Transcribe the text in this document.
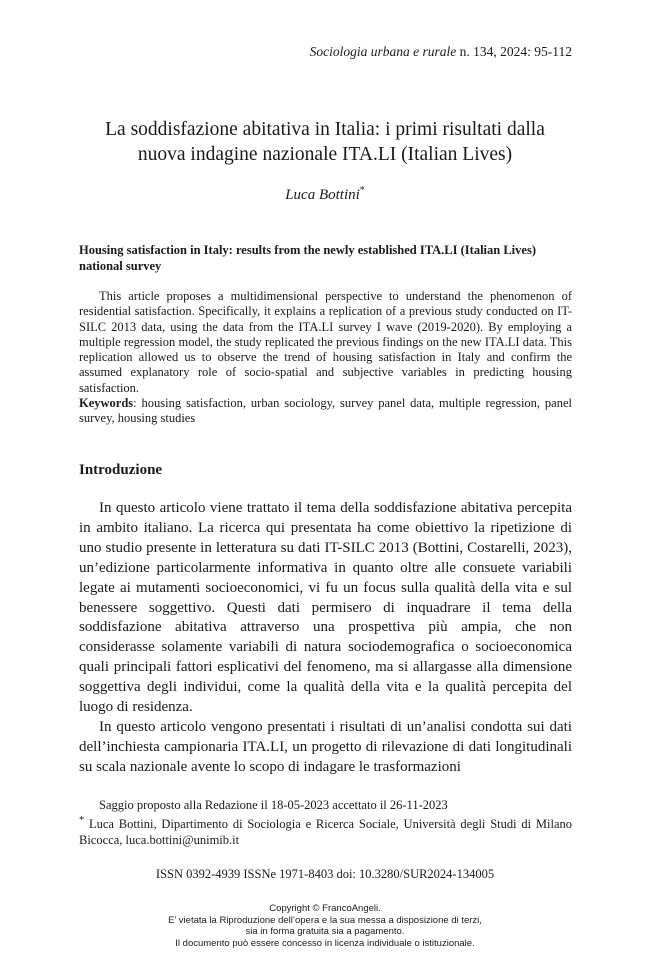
Sociologia urbana e rurale n. 134, 2024: 95-112
La soddisfazione abitativa in Italia: i primi risultati dalla
nuova indagine nazionale ITA.LI (Italian Lives)
Luca Bottini*
Housing satisfaction in Italy: results from the newly established ITA.LI (Italian Lives) national survey

This article proposes a multidimensional perspective to understand the phenomenon of residential satisfaction. Specifically, it explains a replication of a previous study conducted on IT-SILC 2013 data, using the data from the ITA.LI survey I wave (2019-2020). By employing a multiple regression model, the study replicated the previous findings on the new ITA.LI data. This replication allowed us to observe the trend of housing satisfaction in Italy and confirm the assumed explanatory role of socio-spatial and subjective variables in predicting housing satisfaction.

Keywords: housing satisfaction, urban sociology, survey panel data, multiple regression, panel survey, housing studies
Introduzione

In questo articolo viene trattato il tema della soddisfazione abitativa percepita in ambito italiano. La ricerca qui presentata ha come obiettivo la ripetizione di uno studio presente in letteratura su dati IT-SILC 2013 (Bottini, Costarelli, 2023), un’edizione particolarmente informativa in quanto oltre alle consuete variabili legate ai mutamenti socioeconomici, vi fu un focus sulla qualità della vita e sul benessere soggettivo. Questi dati permisero di inquadrare il tema della soddisfazione abitativa attraverso una prospettiva più ampia, che non considerasse solamente variabili di natura sociodemografica o socioeconomica quali principali fattori esplicativi del fenomeno, ma si allargasse alla dimensione soggettiva degli individui, come la qualità della vita e la qualità percepita del luogo di residenza.

In questo articolo vengono presentati i risultati di un’analisi condotta sui dati dell’inchiesta campionaria ITA.LI, un progetto di rilevazione di dati longitudinali su scala nazionale avente lo scopo di indagare le trasformazioni

Saggio proposto alla Redazione il 18-05-2023 accettato il 26-11-2023

* Luca Bottini, Dipartimento di Sociologia e Ricerca Sociale, Università degli Studi di Milano Bicocca, luca.bottini@unimib.it

ISSN 0392-4939 ISSNe 1971-8403 doi: 10.3280/SUR2024-134005
Copyright © FrancoAngeli.
E’ vietata la Riproduzione dell’opera e la sua messa a disposizione di terzi,
sia in forma gratuita sia a pagamento.
Il documento può essere concesso in licenza individuale o istituzionale.
